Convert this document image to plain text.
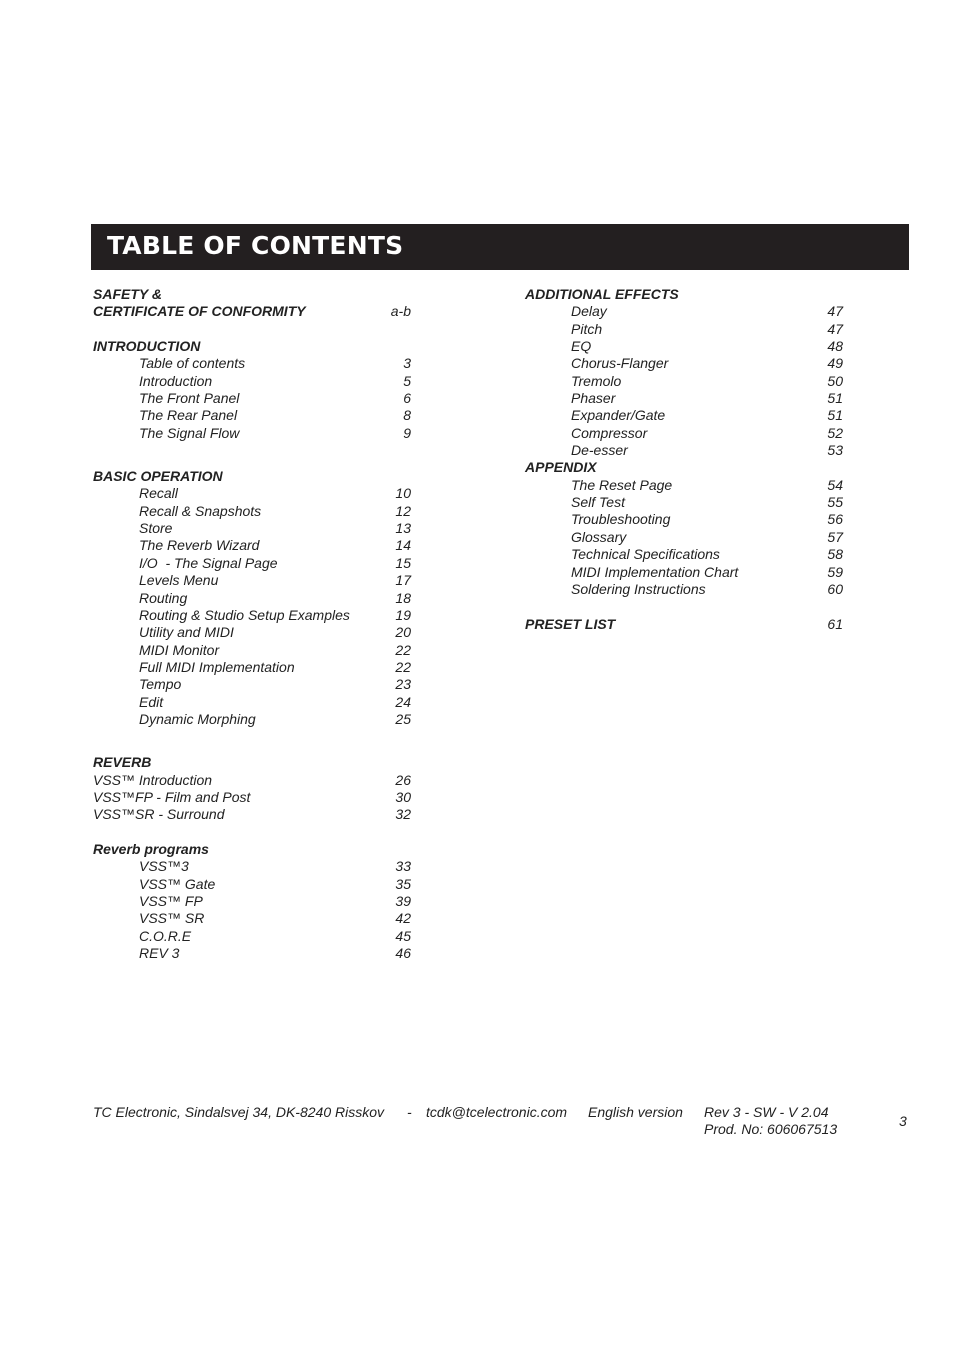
TABLE OF CONTENTS
SAFETY &
CERTIFICATE OF CONFORMITY	a-b
INTRODUCTION
Table of contents	3
Introduction	5
The Front Panel	6
The Rear Panel	8
The Signal Flow	9
BASIC OPERATION
Recall	10
Recall & Snapshots	12
Store	13
The Reverb Wizard	14
I/O  - The Signal Page	15
Levels Menu	17
Routing	18
Routing & Studio Setup Examples	19
Utility and MIDI	20
MIDI Monitor	22
Full MIDI Implementation	22
Tempo	23
Edit	24
Dynamic Morphing	25
REVERB
VSS™ Introduction	26
VSS™FP - Film and Post	30
VSS™SR - Surround	32
Reverb programs
VSS™3	33
VSS™ Gate	35
VSS™ FP	39
VSS™ SR	42
C.O.R.E	45
REV 3	46
ADDITIONAL EFFECTS
Delay	47
Pitch	47
EQ	48
Chorus-Flanger	49
Tremolo	50
Phaser	51
Expander/Gate	51
Compressor	52
De-esser	53
APPENDIX
The Reset Page	54
Self Test	55
Troubleshooting	56
Glossary	57
Technical Specifications	58
MIDI Implementation Chart	59
Soldering Instructions	60
PRESET LIST	61
TC Electronic, Sindalsvej 34, DK-8240 Risskov - tcdk@tcelectronic.com English version Rev 3 - SW - V 2.04
Prod. No: 606067513	3
